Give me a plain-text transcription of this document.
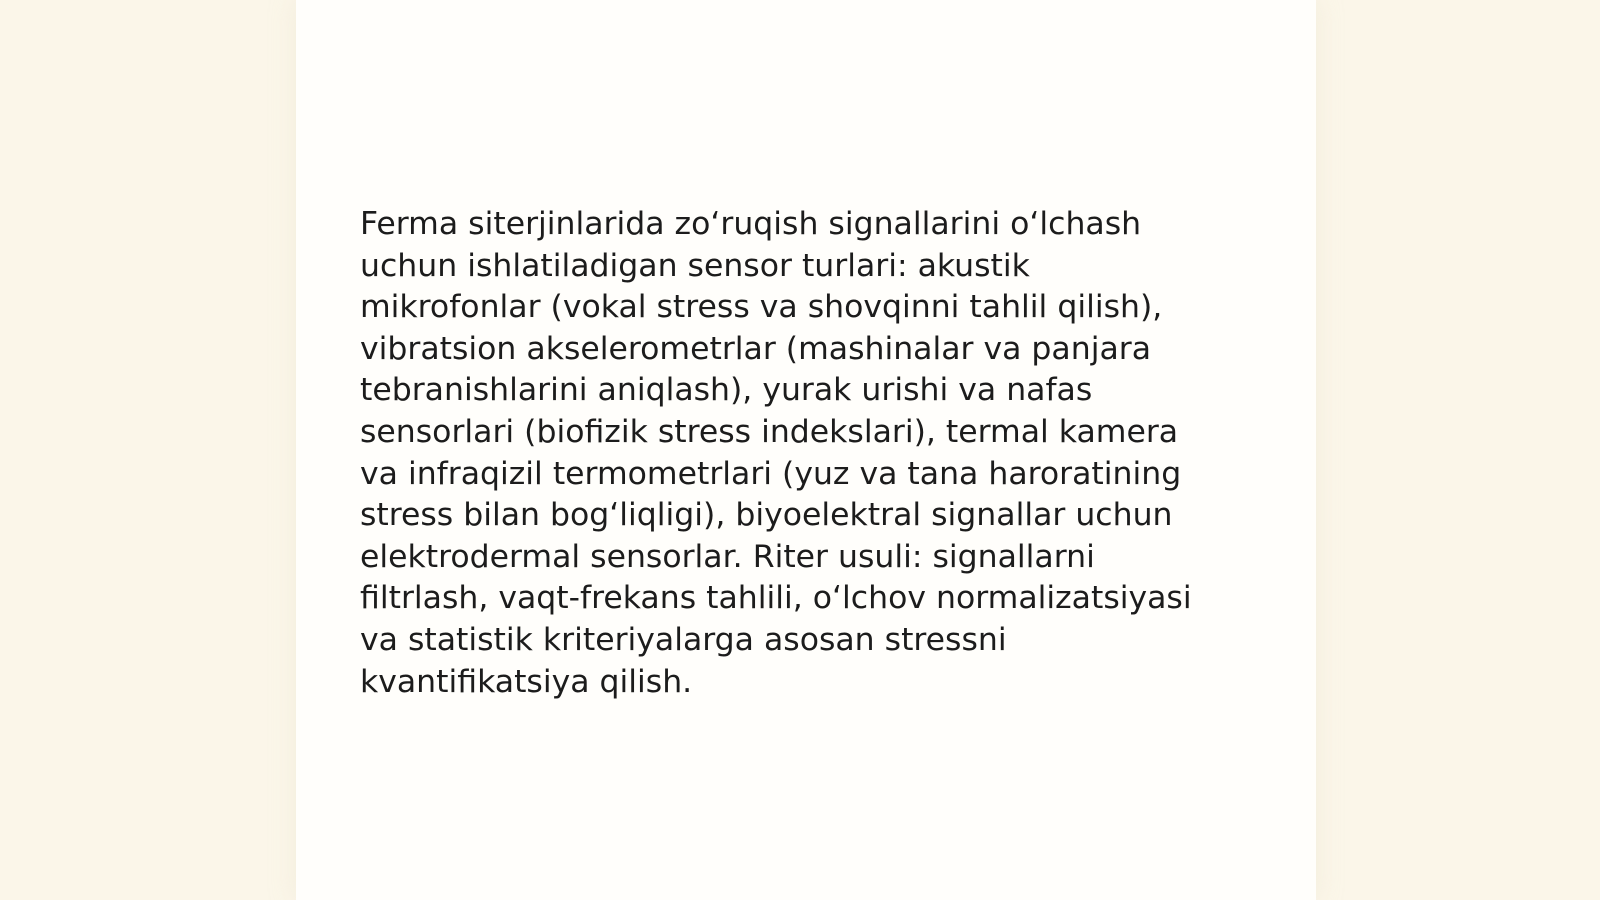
Ferma siterjinlarida zo‘ruqish signallarini o‘lchash
uchun ishlatiladigan sensor turlari: akustik
mikrofonlar (vokal stress va shovqinni tahlil qilish),
vibratsion akselerometrlar (mashinalar va panjara
tebranishlarini aniqlash), yurak urishi va nafas
sensorlari (biofizik stress indekslari), termal kamera
va infraqizil termometrlari (yuz va tana haroratining
stress bilan bog‘liqligi), biyoelektral signallar uchun
elektrodermal sensorlar. Riter usuli: signallarni
filtrlash, vaqt-frekans tahlili, o‘lchov normalizatsiyasi
va statistik kriteriyalarga asosan stressni
kvantifikatsiya qilish.
